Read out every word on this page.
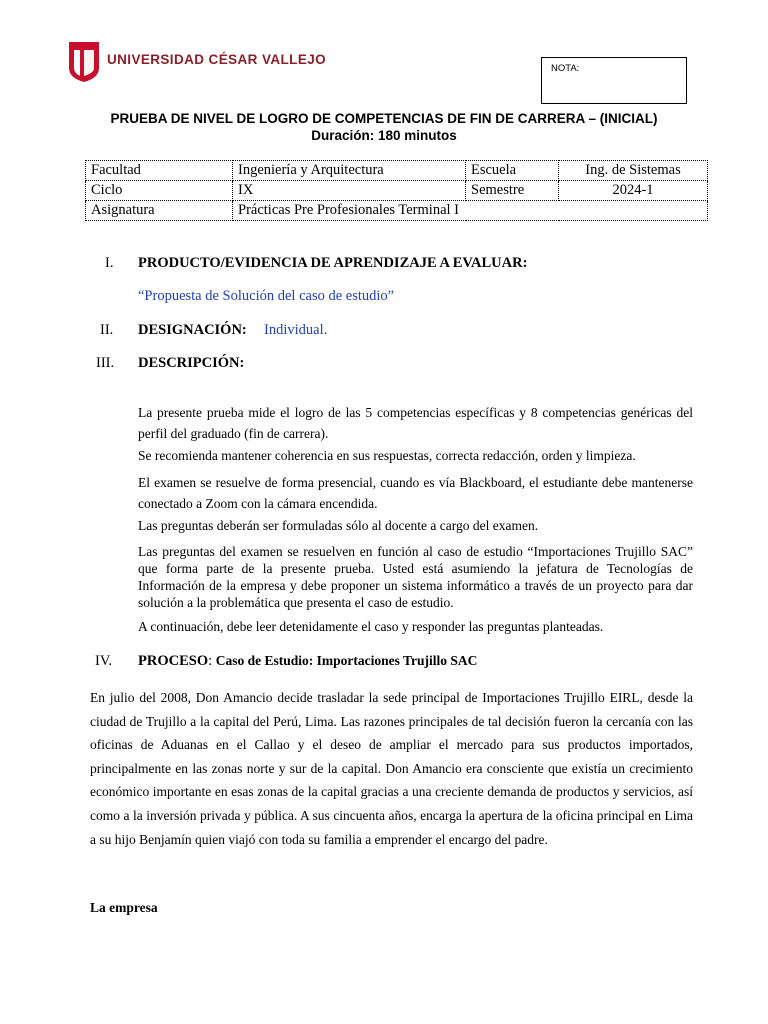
UNIVERSIDAD CÉSAR VALLEJO
NOTA:
PRUEBA DE NIVEL DE LOGRO DE COMPETENCIAS DE FIN DE CARRERA – (INICIAL)
Duración: 180 minutos
Facultad	Ingeniería y Arquitectura	Escuela	Ing. de Sistemas
Ciclo	IX	Semestre	2024-1
Asignatura	Prácticas Pre Profesionales Terminal I		
I. PRODUCTO/EVIDENCIA DE APRENDIZAJE A EVALUAR:
“Propuesta de Solución del caso de estudio”
II. DESIGNACIÓN: Individual.
III. DESCRIPCIÓN:
La presente prueba mide el logro de las 5 competencias específicas y 8 competencias genéricas del perfil del graduado (fin de carrera).
Se recomienda mantener coherencia en sus respuestas, correcta redacción, orden y limpieza.
El examen se resuelve de forma presencial, cuando es vía Blackboard, el estudiante debe mantenerse conectado a Zoom con la cámara encendida.
Las preguntas deberán ser formuladas sólo al docente a cargo del examen.
Las preguntas del examen se resuelven en función al caso de estudio “Importaciones Trujillo SAC” que forma parte de la presente prueba. Usted está asumiendo la jefatura de Tecnologías de Información de la empresa y debe proponer un sistema informático a través de un proyecto para dar solución a la problemática que presenta el caso de estudio.
A continuación, debe leer detenidamente el caso y responder las preguntas planteadas.
IV. PROCESO: Caso de Estudio: Importaciones Trujillo SAC
En julio del 2008, Don Amancio decide trasladar la sede principal de Importaciones Trujillo EIRL, desde la ciudad de Trujillo a la capital del Perú, Lima. Las razones principales de tal decisión fueron la cercanía con las oficinas de Aduanas en el Callao y el deseo de ampliar el mercado para sus productos importados, principalmente en las zonas norte y sur de la capital. Don Amancio era consciente que existía un crecimiento económico importante en esas zonas de la capital gracias a una creciente demanda de productos y servicios, así como a la inversión privada y pública. A sus cincuenta años, encarga la apertura de la oficina principal en Lima a su hijo Benjamín quien viajó con toda su familia a emprender el encargo del padre.
La empresa
